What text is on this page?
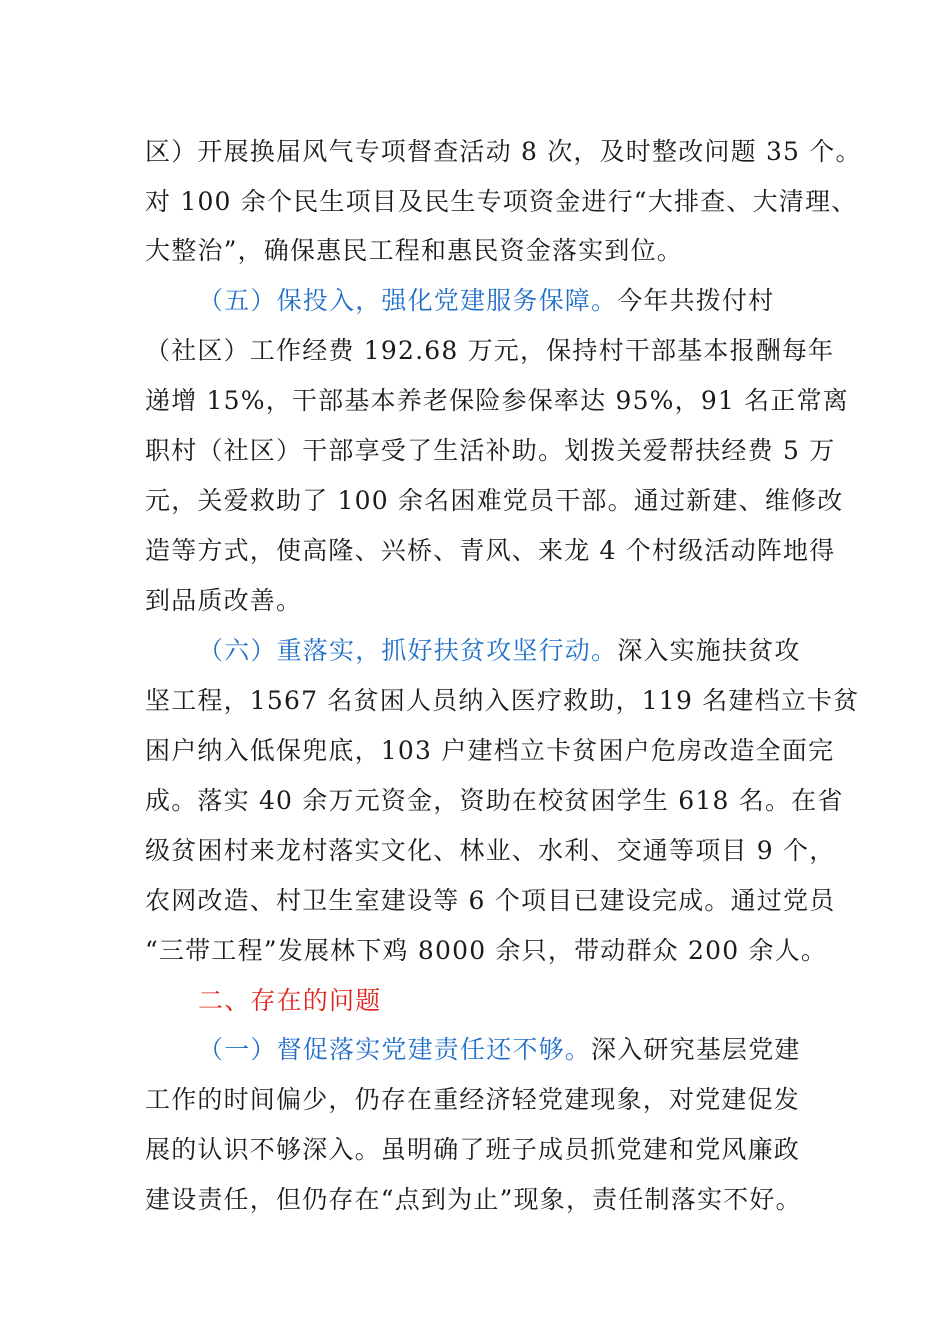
区）开展换届风气专项督查活动 8 次，及时整改问题 35 个。
对 100 余个民生项目及民生专项资金进行“大排查、大清理、
大整治”，确保惠民工程和惠民资金落实到位。
（五）保投入，强化党建服务保障。今年共拨付村
（社区）工作经费 192.68 万元，保持村干部基本报酬每年
递增 15%，干部基本养老保险参保率达 95%，91 名正常离
职村（社区）干部享受了生活补助。划拨关爱帮扶经费 5 万
元，关爱救助了 100 余名困难党员干部。通过新建、维修改
造等方式，使高隆、兴桥、青风、来龙 4 个村级活动阵地得
到品质改善。
（六）重落实，抓好扶贫攻坚行动。深入实施扶贫攻
坚工程，1567 名贫困人员纳入医疗救助，119 名建档立卡贫
困户纳入低保兜底，103 户建档立卡贫困户危房改造全面完
成。落实 40 余万元资金，资助在校贫困学生 618 名。在省
级贫困村来龙村落实文化、林业、水利、交通等项目 9 个，
农网改造、村卫生室建设等 6 个项目已建设完成。通过党员
“三带工程”发展林下鸡 8000 余只，带动群众 200 余人。
二、存在的问题
（一）督促落实党建责任还不够。深入研究基层党建
工作的时间偏少，仍存在重经济轻党建现象，对党建促发
展的认识不够深入。虽明确了班子成员抓党建和党风廉政
建设责任，但仍存在“点到为止”现象，责任制落实不好。
